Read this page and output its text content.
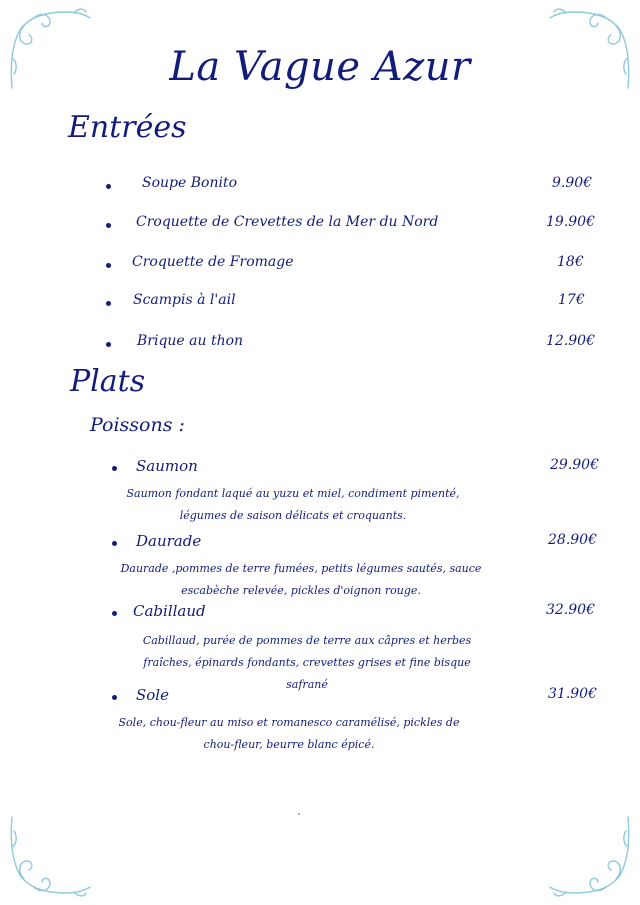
La Vague Azur
Entrées
Soupe Bonito	9.90€
Croquette de Crevettes de la Mer du Nord	19.90€
Croquette de Fromage	18€
Scampis à l'ail	17€
Brique au thon	12.90€
Plats
Poissons :
Saumon	29.90€
Saumon fondant laqué au yuzu et miel, condiment pimenté, légumes de saison délicats et croquants.
Daurade	28.90€
Daurade ,pommes de terre fumées, petits légumes sautés, sauce escabèche relevée, pickles d'oignon rouge.
Cabillaud	32.90€
Cabillaud, purée de pommes de terre aux câpres et herbes fraîches, épinards fondants, crevettes grises et fine bisque safrané
Sole	31.90€
Sole, chou-fleur au miso et romanesco caramélisé, pickles de chou-fleur, beurre blanc épicé.
